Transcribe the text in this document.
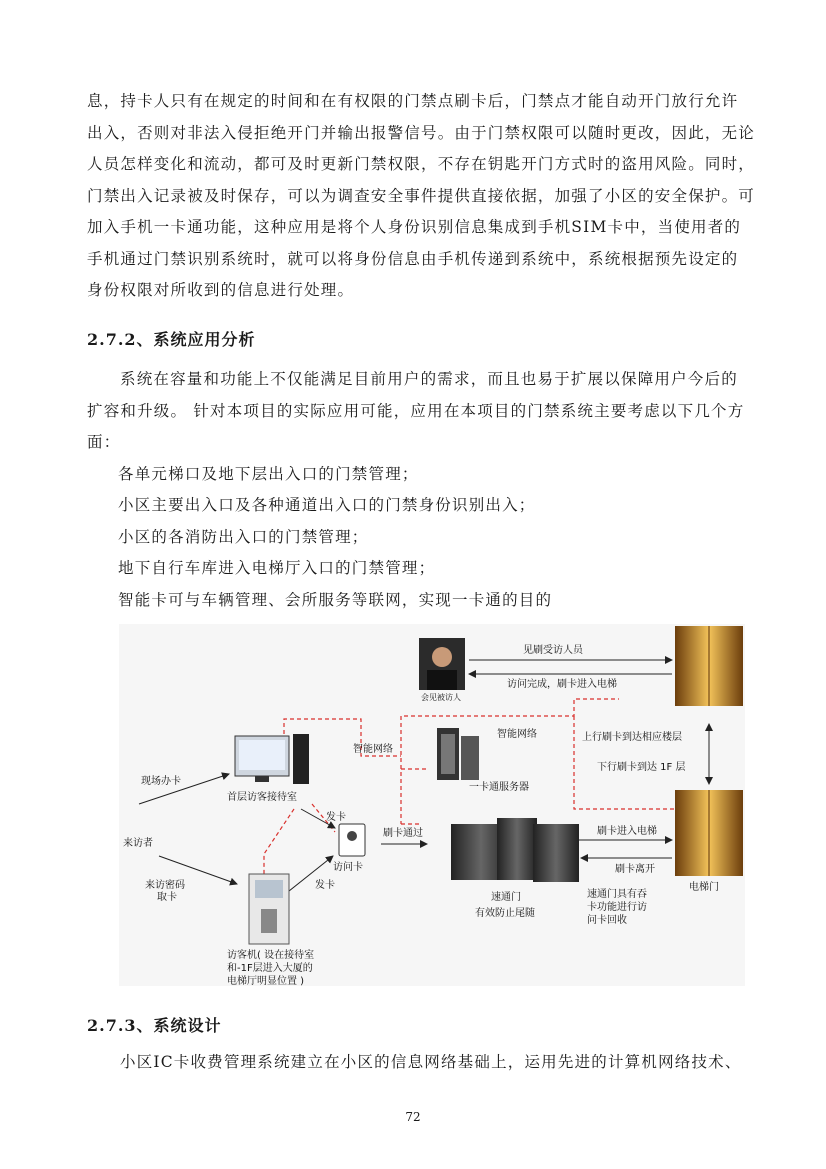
息，持卡人只有在规定的时间和在有权限的门禁点刷卡后，门禁点才能自动开门放行允许
出入，否则对非法入侵拒绝开门并输出报警信号。由于门禁权限可以随时更改，因此，无论
人员怎样变化和流动，都可及时更新门禁权限，不存在钥匙开门方式时的盗用风险。同时，
门禁出入记录被及时保存，可以为调查安全事件提供直接依据，加强了小区的安全保护。可
加入手机一卡通功能，这种应用是将个人身份识别信息集成到手机SIM卡中，当使用者的
手机通过门禁识别系统时，就可以将身份信息由手机传递到系统中，系统根据预先设定的
身份权限对所收到的信息进行处理。
2.7.2、系统应用分析
系统在容量和功能上不仅能满足目前用户的需求，而且也易于扩展以保障用户今后的
扩容和升级。 针对本项目的实际应用可能，应用在本项目的门禁系统主要考虑以下几个方
面：
各单元梯口及地下层出入口的门禁管理；
小区主要出入口及各种通道出入口的门禁身份识别出入；
小区的各消防出入口的门禁管理；
地下自行车库进入电梯厅入口的门禁管理；
智能卡可与车辆管理、会所服务等联网，实现一卡通的目的
会见被访人
见刷受访人员
访问完成，刷卡进入电梯
智能网络
智能网络
上行刷卡到达相应楼层
下行刷卡到达 1F 层
现场办卡
首层访客接待室
一卡通服务器
发卡
访问卡
刷卡通过	刷卡进入电梯
刷卡离开
来访者
来访密码
取卡
发卡
速通门
有效防止尾随
速通门具有吞
卡功能进行访
问卡回收
电梯门
访客机( 设在接待室
和-1F层进入大厦的
电梯厅明显位置 )
2.7.3、系统设计
小区IC卡收费管理系统建立在小区的信息网络基础上，运用先进的计算机网络技术、
72
